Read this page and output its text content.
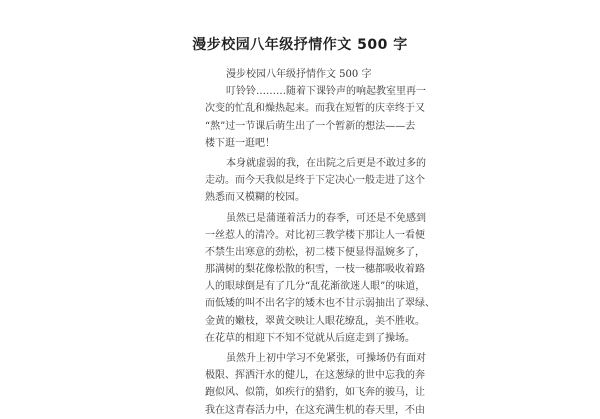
漫步校园八年级抒情作文 500 字
漫步校园八年级抒情作文 500 字
叮铃铃………随着下课铃声的响起教室里再一
次变的忙乱和燥热起来。而我在短暂的庆幸终于又
“熬”过一节课后萌生出了一个暂新的想法——去
楼下逛一逛吧！
本身就虚弱的我，在出院之后更是不敢过多的
走动。而今天我似是终于下定决心一般走进了这个
熟悉而又模糊的校园。
虽然已是蒲谨着活力的春季，可还是不免感到
一丝惹人的清冷。对比初三教学楼下那让人一看便
不禁生出寒意的劲松，初二楼下便显得温婉多了，
那满树的梨花像松散的积雪，一枝一穗都吸收着路
人的眼球倒是有了几分“乱花渐欲迷人眼”的味道，
而低矮的叫不出名字的矮木也不甘示弱抽出了翠绿、
金黄的嫩枝，翠黄交映让人眼花缭乱，美不胜收。
在花草的相迎下不知不觉就从后庭走到了操场。
虽然升上初中学习不免紧张，可操场仍有面对
极限、挥洒汗水的健儿，在这葱绿的世中忘我的奔
跑似风、似箭，如疾行的猎豹，如飞奔的骏马，让
我在这青春活力中，在这充满生机的春天里，不由
